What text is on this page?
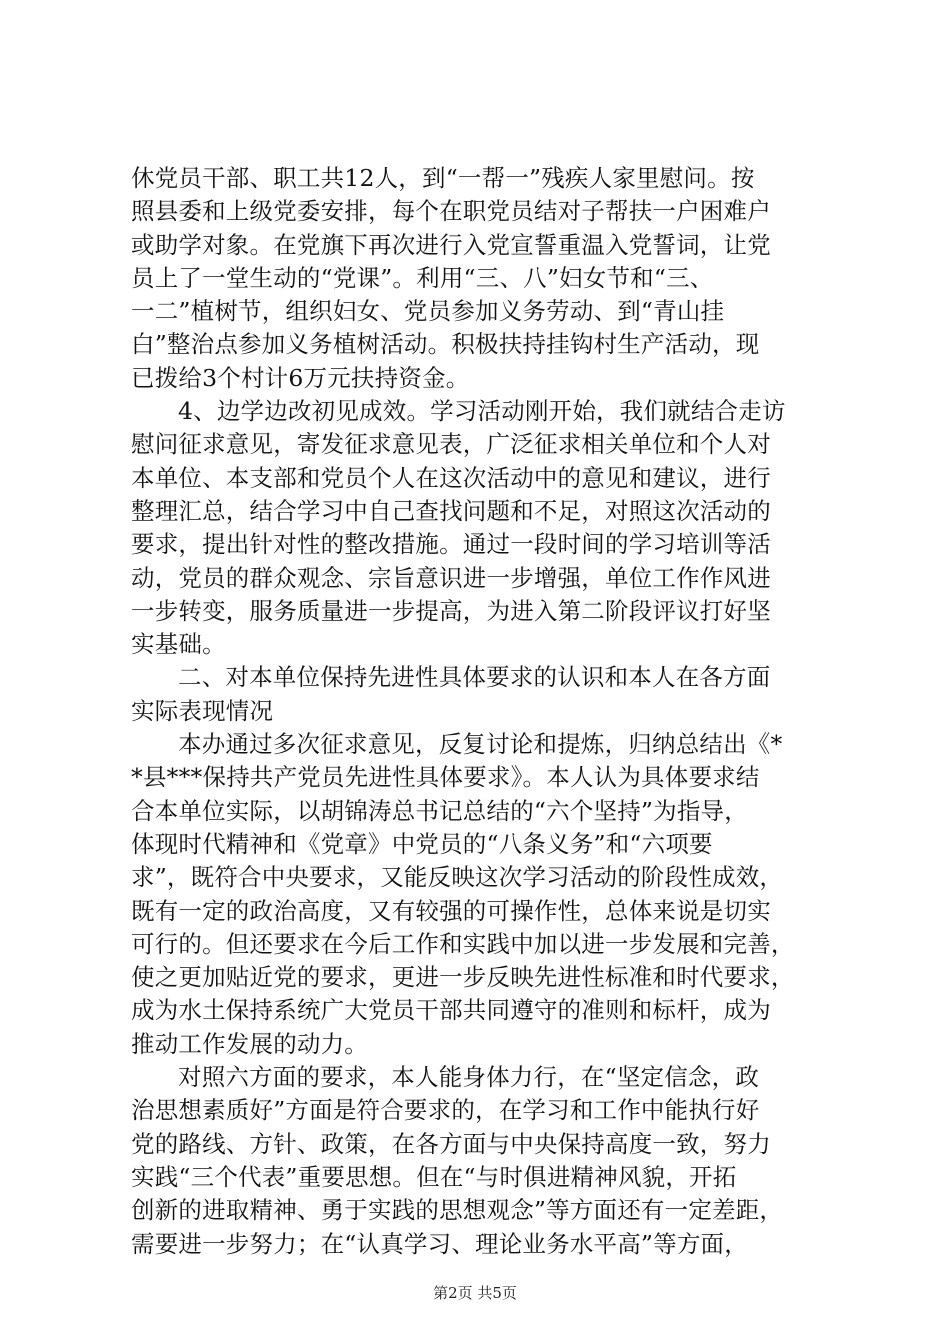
休党员干部、职工共12人，到“一帮一”残疾人家里慰问。按
照县委和上级党委安排，每个在职党员结对子帮扶一户困难户
或助学对象。在党旗下再次进行入党宣誓重温入党誓词，让党
员上了一堂生动的“党课”。利用“三、八”妇女节和“三、
一二”植树节，组织妇女、党员参加义务劳动、到“青山挂
白”整治点参加义务植树活动。积极扶持挂钩村生产活动，现
已拨给3个村计6万元扶持资金。
4、边学边改初见成效。学习活动刚开始，我们就结合走访
慰问征求意见，寄发征求意见表，广泛征求相关单位和个人对
本单位、本支部和党员个人在这次活动中的意见和建议，进行
整理汇总，结合学习中自己查找问题和不足，对照这次活动的
要求，提出针对性的整改措施。通过一段时间的学习培训等活
动，党员的群众观念、宗旨意识进一步增强，单位工作作风进
一步转变，服务质量进一步提高，为进入第二阶段评议打好坚
实基础。
二、对本单位保持先进性具体要求的认识和本人在各方面
实际表现情况
本办通过多次征求意见，反复讨论和提炼，归纳总结出《*
*县***保持共产党员先进性具体要求》。本人认为具体要求结
合本单位实际，以胡锦涛总书记总结的“六个坚持”为指导，
体现时代精神和《党章》中党员的“八条义务”和“六项要
求”，既符合中央要求，又能反映这次学习活动的阶段性成效，
既有一定的政治高度，又有较强的可操作性，总体来说是切实
可行的。但还要求在今后工作和实践中加以进一步发展和完善，
使之更加贴近党的要求，更进一步反映先进性标准和时代要求，
成为水土保持系统广大党员干部共同遵守的准则和标杆，成为
推动工作发展的动力。
对照六方面的要求，本人能身体力行，在“坚定信念，政
治思想素质好”方面是符合要求的，在学习和工作中能执行好
党的路线、方针、政策，在各方面与中央保持高度一致，努力
实践“三个代表”重要思想。但在“与时俱进精神风貌，开拓
创新的进取精神、勇于实践的思想观念”等方面还有一定差距，
需要进一步努力；在“认真学习、理论业务水平高”等方面，
第2页 共5页
